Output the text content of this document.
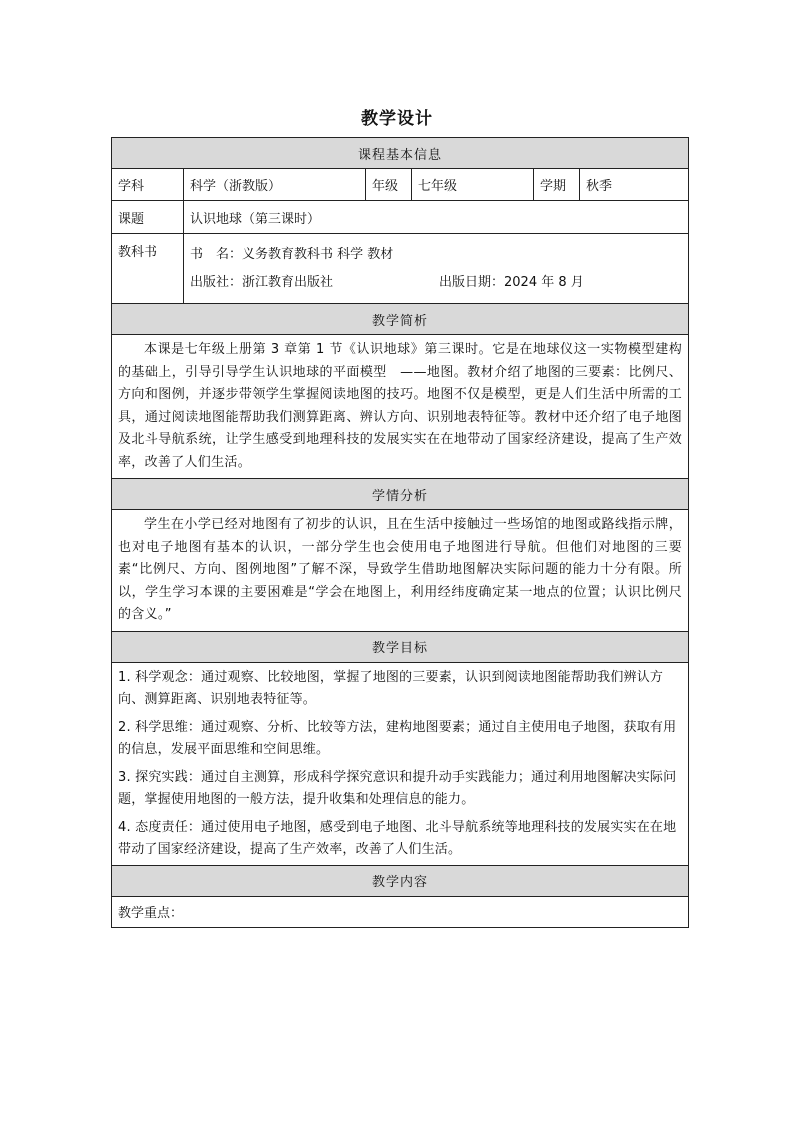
教学设计
课程基本信息					
学科	科学（浙教版）	年级	七年级	学期	秋季
课题	认识地球（第三课时）				
教科书	书　名：义务教育教科书 科学 教材
出版社：浙江教育出版社 出版日期：2024 年 8 月				

教学简析					

本课是七年级上册第 3 章第 1 节《认识地球》第三课时。它是在地球仪这一实物模型建构的基础上，引导引导学生认识地球的平面模型　——地图。教材介绍了地图的三要素：比例尺、方向和图例，并逐步带领学生掌握阅读地图的技巧。地图不仅是模型，更是人们生活中所需的工具，通过阅读地图能帮助我们测算距离、辨认方向、识别地表特征等。教材中还介绍了电子地图及北斗导航系统，让学生感受到地理科技的发展实实在在地带动了国家经济建设，提高了生产效率，改善了人们生活。					

学情分析					

学生在小学已经对地图有了初步的认识，且在生活中接触过一些场馆的地图或路线指示牌，也对电子地图有基本的认识，一部分学生也会使用电子地图进行导航。但他们对地图的三要素“比例尺、方向、图例地图”了解不深，导致学生借助地图解决实际问题的能力十分有限。所以，学生学习本课的主要困难是“学会在地图上，利用经纬度确定某一地点的位置；认识比例尺的含义。”					

教学目标					

1. 科学观念：通过观察、比较地图，掌握了地图的三要素，认识到阅读地图能帮助我们辨认方向、测算距离、识别地表特征等。

2. 科学思维：通过观察、分析、比较等方法，建构地图要素；通过自主使用电子地图，获取有用的信息，发展平面思维和空间思维。

3. 探究实践：通过自主测算，形成科学探究意识和提升动手实践能力；通过利用地图解决实际问题，掌握使用地图的一般方法，提升收集和处理信息的能力。

4. 态度责任：通过使用电子地图，感受到电子地图、北斗导航系统等地理科技的发展实实在在地带动了国家经济建设，提高了生产效率，改善了人们生活。					

教学内容					
教学重点：					
